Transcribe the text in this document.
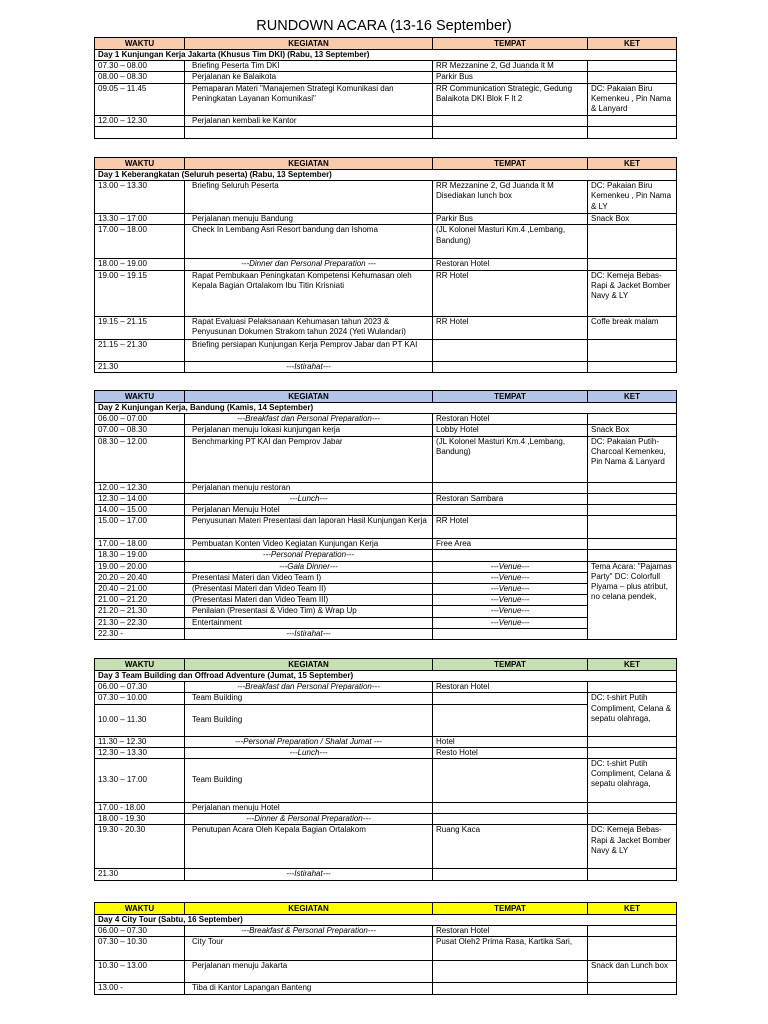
RUNDOWN ACARA (13-16 September)
WAKTU	KEGIATAN	TEMPAT	KET
Day 1 Kunjungan Kerja Jakarta (Khusus Tim DKI) (Rabu, 13 September)			
07.30 – 08.00	Briefing Peserta Tim DKI	RR Mezzanine 2, Gd Juanda lt M	
08.00 – 08.30	Perjalanan ke Balaikota	Parkir Bus	
09.05 – 11.45	Pemaparan Materi "Manajemen Strategi Komunikasi dan Peningkatan Layanan Komunikasi"	RR Communication Strategic, Gedung Balaikota DKI Blok F lt 2	DC: Pakaian Biru Kemenkeu , Pin Nama & Lanyard
12.00 – 12.30	Perjalanan kembali ke Kantor		

WAKTU	KEGIATAN	TEMPAT	KET
Day 1 Keberangkatan (Seluruh peserta) (Rabu, 13 September)			
13.00 – 13.30	Briefing Seluruh Peserta	RR Mezzanine 2, Gd Juanda lt M Disediakan lunch box	DC: Pakaian Biru Kemenkeu , Pin Nama & LY
13.30 – 17.00	Perjalanan menuju Bandung	Parkir Bus	Snack Box
17.00 – 18.00	Check In Lembang Asri Resort bandung dan Ishoma	(JL Kolonel Masturi Km.4 ,Lembang, Bandung)	
18.00 – 19.00	---Dinner dan Personal Preparation ---	Restoran Hotel	
19.00 – 19.15	Rapat Pembukaan Peningkatan Kompetensi Kehumasan oleh Kepala Bagian Ortalakom Ibu Titin Krisniati	RR Hotel	DC: Kemeja Bebas-Rapi & Jacket Bomber Navy & LY
19.15 – 21.15	Rapat Evaluasi Pelaksanaan Kehumasan tahun 2023 & Penyusunan Dokumen Strakom tahun 2024 (Yeti Wulandari)	RR Hotel	Coffe break malam
21.15 – 21.30	Briefing persiapan Kunjungan Kerja Pemprov Jabar dan PT KAI		
21.30	---Istirahat---		
WAKTU	KEGIATAN	TEMPAT	KET
Day 2 Kunjungan Kerja, Bandung (Kamis, 14 September)			
06.00 – 07.00	---Breakfast dan Personal Preparation---	Restoran Hotel	
07.00 – 08.30	Perjalanan menuju lokasi kunjungan kerja	Lobby Hotel	Snack Box
08.30 – 12.00	Benchmarking PT KAI dan Pemprov Jabar	(JL Kolonel Masturi Km.4 ,Lembang, Bandung)	DC: Pakaian Putih-Charcoal Kemenkeu, Pin Nama & Lanyard
12.00 – 12.30	Perjalanan menuju restoran		
12.30 – 14.00	---Lunch---	Restoran Sambara	
14.00 – 15.00	Perjalanan Menuju Hotel		
15.00 – 17.00	Penyusunan Materi Presentasi dan laporan Hasil Kunjungan Kerja	RR Hotel	
17.00 – 18.00	Pembuatan Konten Video Kegiatan Kunjungan Kerja	Free Area	
18.30 – 19.00	---Personal Preparation---		
19.00 – 20.00	---Gala Dinner---	---Venue---	Tema Acara: "Pajamas Party" DC: Colorfull Piyama – plus atribut, no celana pendek,
20.20 – 20.40	Presentasi Materi dan Video Team I)	---Venue---	
20.40 – 21.00	(Presentasi Materi dan Video Team II)	---Venue---	
21.00 – 21.20	(Presentasi Materi dan Video Team III)	---Venue---	
21.20 – 21.30	Penilaian (Presentasi & Video Tim) & Wrap Up	---Venue---	
21.30 – 22.30	Entertainment	---Venue---	
22.30 -	---Istirahat---		
WAKTU	KEGIATAN	TEMPAT	KET
Day 3 Team Building dan Offroad Adventure (Jumat, 15 September)			
06.00 – 07.30	---Breakfast dan Personal Preparation---	Restoran Hotel	
07.30 – 10.00	Team Building		DC: t-shirt Putih Compliment, Celana & sepatu olahraga,
10.00 – 11.30	Team Building		
11.30 – 12.30	---Personal Preparation / Shalat Jumat ---	Hotel	
12.30 – 13.30	---Lunch---	Resto Hotel	
13.30 – 17.00	Team Building		DC: t-shirt Putih Compliment, Celana & sepatu olahraga,
17.00 - 18.00	Perjalanan menuju Hotel		
18.00 - 19.30	---Dinner & Personal Preparation---		
19.30 - 20.30	Penutupan Acara Oleh Kepala Bagian Ortalakom	Ruang Kaca	DC: Kemeja Bebas-Rapi & Jacket Bomber Navy & LY
21.30	---Istirahat---		
WAKTU	KEGIATAN	TEMPAT	KET
Day 4 City Tour (Sabtu, 16 September)			
06.00 – 07.30	---Breakfast & Personal Preparation---	Restoran Hotel	
07.30 – 10.30	City Tour	Pusat Oleh2 Prima Rasa, Kartika Sari,	
10.30 – 13.00	Perjalanan menuju Jakarta		Snack dan Lunch box
13.00 -	Tiba di Kantor Lapangan Banteng		
